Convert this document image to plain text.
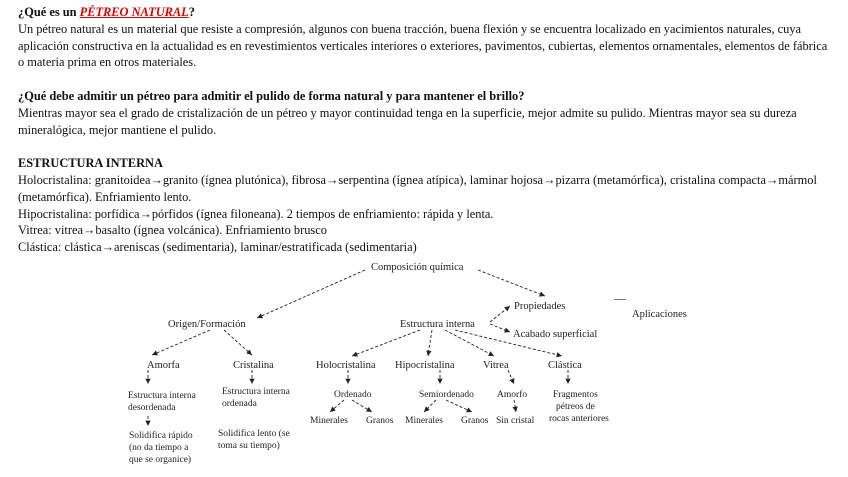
¿Qué es un PÉTREO NATURAL?

Un pétreo natural es un material que resiste a compresión, algunos con buena tracción, buena flexión y se encuentra localizado en yacimientos naturales, cuya aplicación constructiva en la actualidad es en revestimientos verticales interiores o exteriores, pavimentos, cubiertas, elementos ornamentales, elementos de fábrica o materia prima en otros materiales.

¿Qué debe admitir un pétreo para admitir el pulido de forma natural y para mantener el brillo?

Mientras mayor sea el grado de cristalización de un pétreo y mayor continuidad tenga en la superficie, mejor admite su pulido. Mientras mayor sea su dureza mineralógica, mejor mantiene el pulido.

ESTRUCTURA INTERNA

Holocristalina: granitoidea→granito (ígnea plutónica), fibrosa→serpentina (ígnea atípica), laminar hojosa→pizarra (metamórfica), cristalina compacta→mármol (metamórfica). Enfriamiento lento.

Hipocristalina: porfídica→pórfidos (ígnea filoneana). 2 tiempos de enfriamiento: rápida y lenta.

Vitrea: vitrea→basalto (ígnea volcánica). Enfriamiento brusco

Clástica: clástica→areniscas (sedimentaria), laminar/estratificada (sedimentaria)

Composición química
Propiedades
—
Aplicaciones
Origen/Formación	Estructura interna
Acabado superficial
Amorfa	Cristalina	Holocristalina Hipocristalina	Vitrea	Clástica
Estructura interna
desordenada
Estructura interna
ordenada
Solidifica rápido
(no da tiempo a
que se organice)
Solidifica lento (se
toma su tiempo)
Ordenado	Semiordenado Amorfo	Fragmentos
pétreos de
rocas anteriores
Minerales Granos Minerales Granos Sin cristal
